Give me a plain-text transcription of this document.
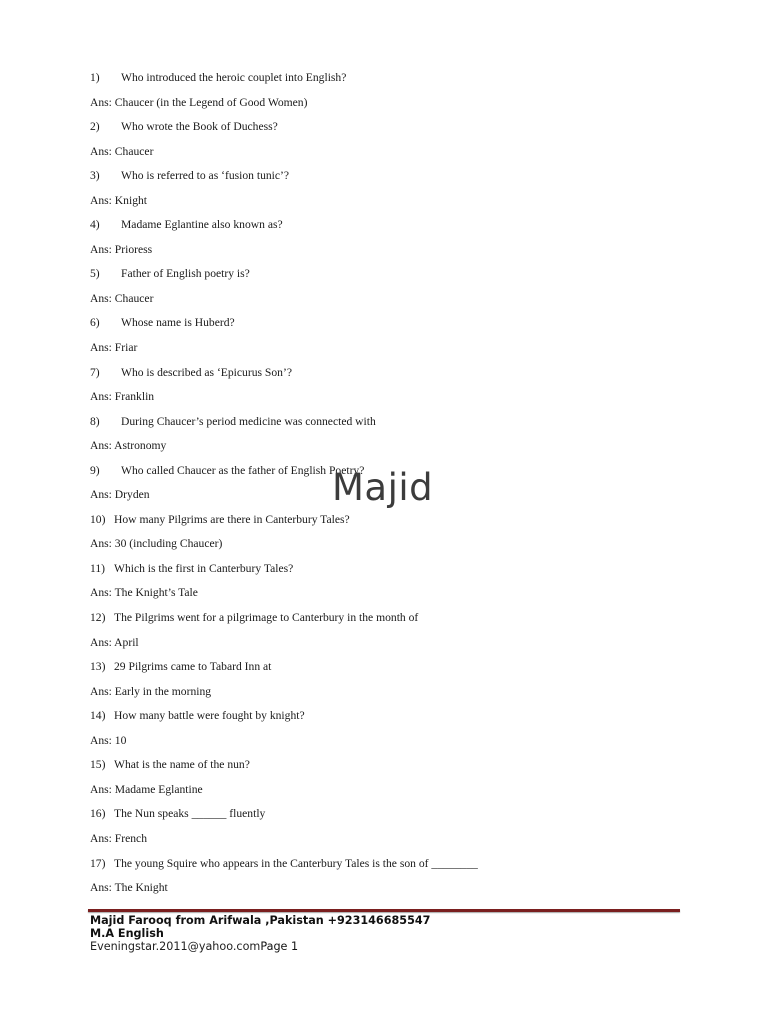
1) Who introduced the heroic couplet into English?
Ans: Chaucer (in the Legend of Good Women)
2) Who wrote the Book of Duchess?
Ans: Chaucer
3) Who is referred to as ‘fusion tunic’?
Ans: Knight
4) Madame Eglantine also known as?
Ans: Prioress
5) Father of English poetry is?
Ans: Chaucer
6) Whose name is Huberd?
Ans: Friar
7) Who is described as ‘Epicurus Son’?
Ans: Franklin
8) During Chaucer’s period medicine was connected with
Ans: Astronomy
9) Who called Chaucer as the father of English Poetry?
Ans: Dryden
10) How many Pilgrims are there in Canterbury Tales?
Ans: 30 (including Chaucer)
11) Which is the first in Canterbury Tales?
Ans: The Knight’s Tale
12) The Pilgrims went for a pilgrimage to Canterbury in the month of
Ans: April
13) 29 Pilgrims came to Tabard Inn at
Ans: Early in the morning
14) How many battle were fought by knight?
Ans: 10
15) What is the name of the nun?
Ans: Madame Eglantine
16) The Nun speaks ______ fluently
Ans: French
17) The young Squire who appears in the Canterbury Tales is the son of ________
Ans: The Knight
Majid
Majid Farooq from Arifwala ,Pakistan +923146685547
M.A English
Eveningstar.2011@yahoo.comPage 1
